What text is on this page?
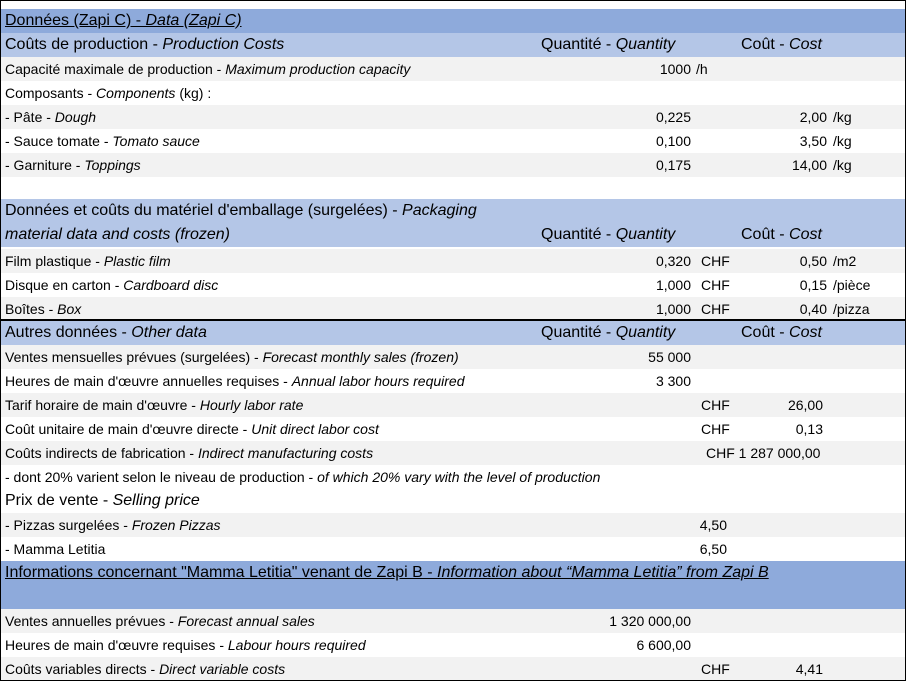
Données (Zapi C) - Data (Zapi C)
Coûts de production - Production Costs	Quantité - Quantity	Coût - Cost
Capacité maximale de production - Maximum production capacity	1000 /h
Composants - Components (kg) :
- Pâte - Dough	0,225	2,00 /kg
- Sauce tomate - Tomato sauce	0,100	3,50 /kg
- Garniture - Toppings	0,175	14,00 /kg
Données et coûts du matériel d'emballage (surgelées) - Packaging
material data and costs (frozen)	Quantité - Quantity	Coût - Cost
Film plastique - Plastic film	0,320 CHF	0,50 /m2
Disque en carton - Cardboard disc	1,000 CHF	0,15 /pièce
Boîtes - Box	1,000 CHF	0,40 /pizza
Autres données - Other data	Quantité - Quantity	Coût - Cost
Ventes mensuelles prévues (surgelées) - Forecast monthly sales (frozen)	55 000
Heures de main d'œuvre annuelles requises - Annual labor hours required	3 300
Tarif horaire de main d'œuvre - Hourly labor rate	CHF	26,00
Coût unitaire de main d'œuvre directe - Unit direct labor cost	CHF	0,13
Coûts indirects de fabrication - Indirect manufacturing costs	CHF 1 287 000,00
- dont 20% varient selon le niveau de production - of which 20% vary with the level of production
Prix de vente - Selling price
- Pizzas surgelées - Frozen Pizzas	4,50
- Mamma Letitia	6,50
Informations concernant "Mamma Letitia" venant de Zapi B - Information about “Mamma Letitia” from Zapi B
Ventes annuelles prévues - Forecast annual sales	1 320 000,00
Heures de main d'œuvre requises - Labour hours required	6 600,00
Coûts variables directs - Direct variable costs	CHF	4,41
